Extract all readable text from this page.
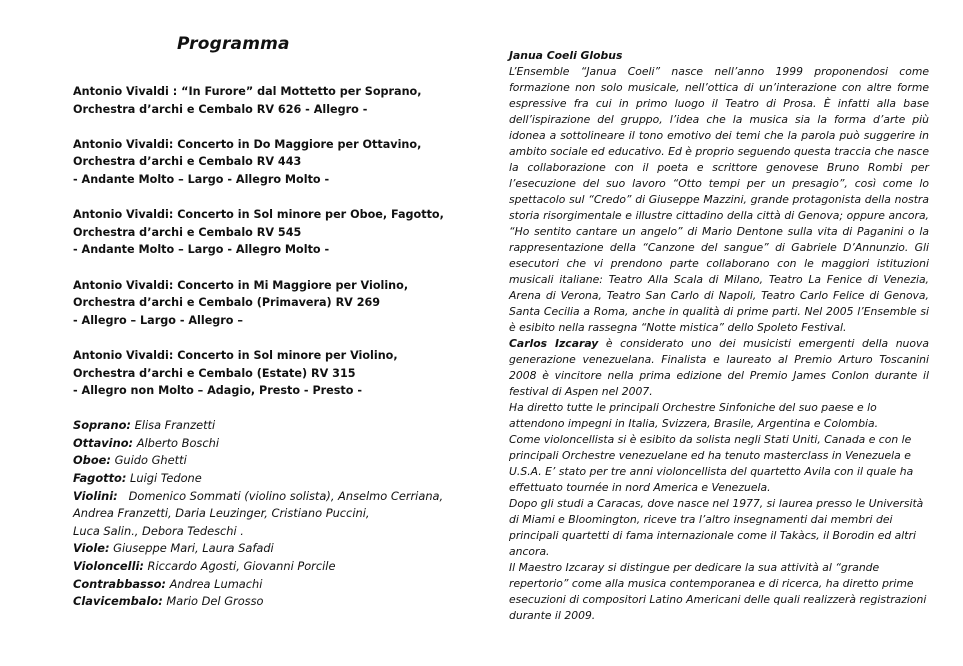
Programma
Antonio Vivaldi : “In Furore” dal Mottetto per Soprano,
Orchestra d’archi e Cembalo RV 626 - Allegro -
Antonio Vivaldi: Concerto in Do Maggiore per Ottavino,
Orchestra d’archi e Cembalo RV 443
- Andante Molto – Largo - Allegro Molto -
Antonio Vivaldi: Concerto in Sol minore per Oboe, Fagotto,
Orchestra d’archi e Cembalo RV 545
- Andante Molto – Largo - Allegro Molto -
Antonio Vivaldi: Concerto in Mi Maggiore per Violino,
Orchestra d’archi e Cembalo (Primavera) RV 269
- Allegro – Largo - Allegro –
Antonio Vivaldi: Concerto in Sol minore per Violino,
Orchestra d’archi e Cembalo (Estate) RV 315
- Allegro non Molto – Adagio, Presto - Presto -
Soprano: Elisa Franzetti
Ottavino: Alberto Boschi
Oboe: Guido Ghetti
Fagotto: Luigi Tedone
Violini:   Domenico Sommati (violino solista), Anselmo Cerriana,
Andrea Franzetti, Daria Leuzinger, Cristiano Puccini,
Luca Salin., Debora Tedeschi .
Viole: Giuseppe Mari, Laura Safadi
Violoncelli: Riccardo Agosti, Giovanni Porcile
Contrabbasso: Andrea Lumachi
Clavicembalo: Mario Del Grosso

Janua Coeli Globus

L’Ensemble “Janua Coeli” nasce nell’anno 1999 proponendosi come formazione non solo musicale, nell’ottica di un’interazione con altre forme espressive fra cui in primo luogo il Teatro di Prosa. È infatti alla base dell’ispirazione del gruppo, l’idea che la musica sia la forma d’arte più idonea a sottolineare il tono emotivo dei temi che la parola può suggerire in ambito sociale ed educativo. Ed è proprio seguendo questa traccia che nasce la collaborazione con il poeta e scrittore genovese Bruno Rombi per l’esecuzione del suo lavoro “Otto tempi per un presagio”, così come lo spettacolo sul “Credo” di Giuseppe Mazzini, grande protagonista della nostra storia risorgimentale e illustre cittadino della città di Genova; oppure ancora, “Ho sentito cantare un angelo” di Mario Dentone sulla vita di Paganini o la rappresentazione della “Canzone del sangue” di Gabriele D’Annunzio. Gli esecutori che vi prendono parte collaborano con le maggiori istituzioni musicali italiane: Teatro Alla Scala di Milano, Teatro La Fenice di Venezia, Arena di Verona, Teatro San Carlo di Napoli, Teatro Carlo Felice di Genova, Santa Cecilia a Roma, anche in qualità di prime parti. Nel 2005 l’Ensemble si è esibito nella rassegna “Notte mistica” dello Spoleto Festival.

Carlos Izcaray è considerato uno dei musicisti emergenti della nuova generazione venezuelana. Finalista e laureato al Premio Arturo Toscanini 2008 è vincitore nella prima edizione del Premio James Conlon durante il festival di Aspen nel 2007.

Ha diretto tutte le principali Orchestre Sinfoniche del suo paese e lo attendono impegni in Italia, Svizzera, Brasile, Argentina e Colombia.

Come violoncellista si è esibito da solista negli Stati Uniti, Canada e con le principali Orchestre venezuelane ed ha tenuto masterclass in Venezuela e U.S.A. E’ stato per tre anni violoncellista del quartetto Avila con il quale ha effettuato tournée in nord America e Venezuela.

Dopo gli studi a Caracas, dove nasce nel 1977, si laurea presso le Università di Miami e Bloomington, riceve tra l’altro insegnamenti dai membri dei principali quartetti di fama internazionale come il Takàcs, il Borodin ed altri ancora.

Il Maestro Izcaray si distingue per dedicare la sua attività al “grande repertorio” come alla musica contemporanea e di ricerca, ha diretto prime esecuzioni di compositori Latino Americani delle quali realizzerà registrazioni durante il 2009.
